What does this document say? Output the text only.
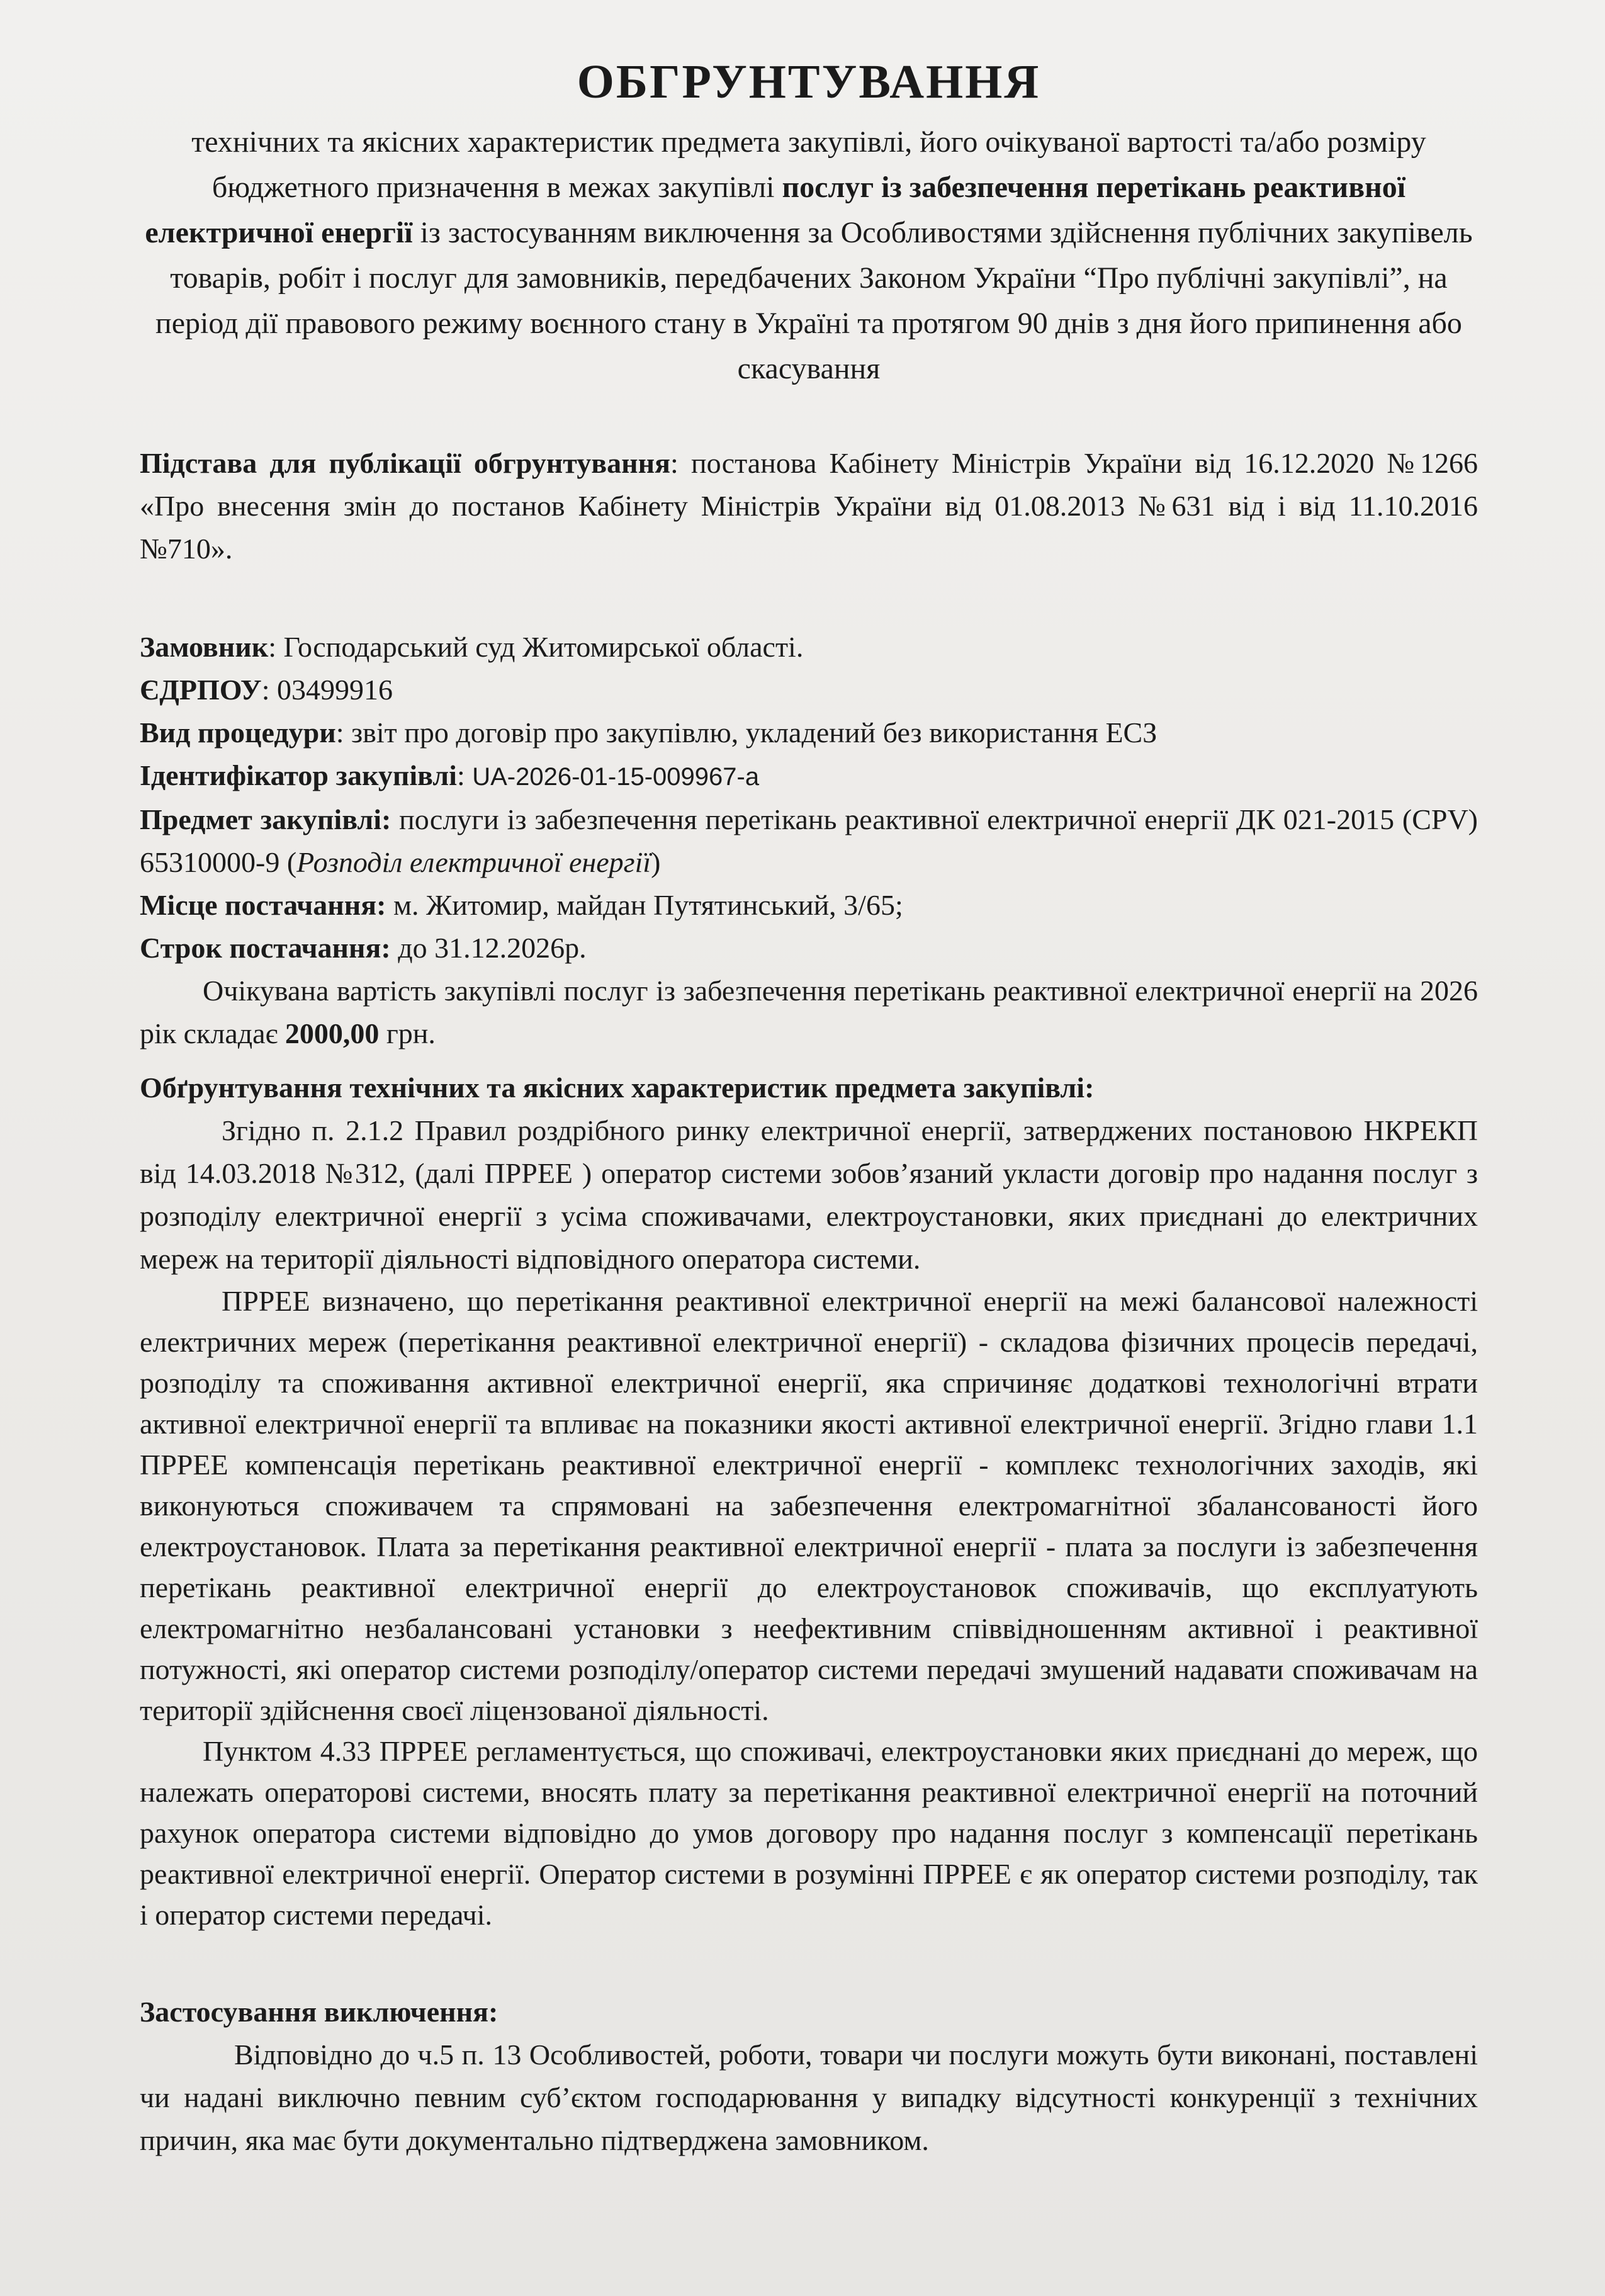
ОБГРУНТУВАННЯ

технічних та якісних характеристик предмета закупівлі, його очікуваної вартості та/або розміру бюджетного призначення в межах закупівлі послуг із забезпечення перетікань реактивної електричної енергії із застосуванням виключення за Особливостями здійснення публічних закупівель товарів, робіт і послуг для замовників, передбачених Законом України “Про публічні закупівлі”, на період дії правового режиму воєнного стану в Україні та протягом 90 днів з дня його припинення або скасування

Підстава для публікації обгрунтування: постанова Кабінету Міністрів України від 16.12.2020 №1266 «Про внесення змін до постанов Кабінету Міністрів України від 01.08.2013 №631 від і від 11.10.2016 №710».

Замовник: Господарський суд Житомирської області.

ЄДРПОУ: 03499916

Вид процедури: звіт про договір про закупівлю, укладений без використання ЕСЗ

Ідентифікатор закупівлі: UA-2026-01-15-009967-a

Предмет закупівлі: послуги із забезпечення перетікань реактивної електричної енергії ДК 021-2015 (CPV) 65310000-9 (Розподіл електричної енергії)

Місце постачання: м. Житомир, майдан Путятинський, 3/65;

Строк постачання: до 31.12.2026р.

Очікувана вартість закупівлі послуг із забезпечення перетікань реактивної електричної енергії на 2026 рік складає 2000,00 грн.

Обґрунтування технічних та якісних характеристик предмета закупівлі:

Згідно п. 2.1.2 Правил роздрібного ринку електричної енергії, затверджених постановою НКРЕКП від 14.03.2018 №312, (далі ПРРЕЕ ) оператор системи зобов’язаний укласти договір про надання послуг з розподілу електричної енергії з усіма споживачами, електроустановки, яких приєднані до електричних мереж на території діяльності відповідного оператора системи.

ПРРЕЕ визначено, що перетікання реактивної електричної енергії на межі балансової належності електричних мереж (перетікання реактивної електричної енергії) - складова фізичних процесів передачі, розподілу та споживання активної електричної енергії, яка спричиняє додаткові технологічні втрати активної електричної енергії та впливає на показники якості активної електричної енергії. Згідно глави 1.1 ПРРЕЕ компенсація перетікань реактивної електричної енергії - комплекс технологічних заходів, які виконуються споживачем та спрямовані на забезпечення електромагнітної збалансованості його електроустановок. Плата за перетікання реактивної електричної енергії - плата за послуги із забезпечення перетікань реактивної електричної енергії до електроустановок споживачів, що експлуатують електромагнітно незбалансовані установки з неефективним співвідношенням активної і реактивної потужності, які оператор системи розподілу/оператор системи передачі змушений надавати споживачам на території здійснення своєї ліцензованої діяльності.

Пунктом 4.33 ПРРЕЕ регламентується, що споживачі, електроустановки яких приєднані до мереж, що належать операторові системи, вносять плату за перетікання реактивної електричної енергії на поточний рахунок оператора системи відповідно до умов договору про надання послуг з компенсації перетікань реактивної електричної енергії. Оператор системи в розумінні ПРРЕЕ є як оператор системи розподілу, так і оператор системи передачі.

Застосування виключення:

Відповідно до ч.5 п. 13 Особливостей, роботи, товари чи послуги можуть бути виконані, поставлені чи надані виключно певним суб’єктом господарювання у випадку відсутності конкуренції з технічних причин, яка має бути документально підтверджена замовником.
